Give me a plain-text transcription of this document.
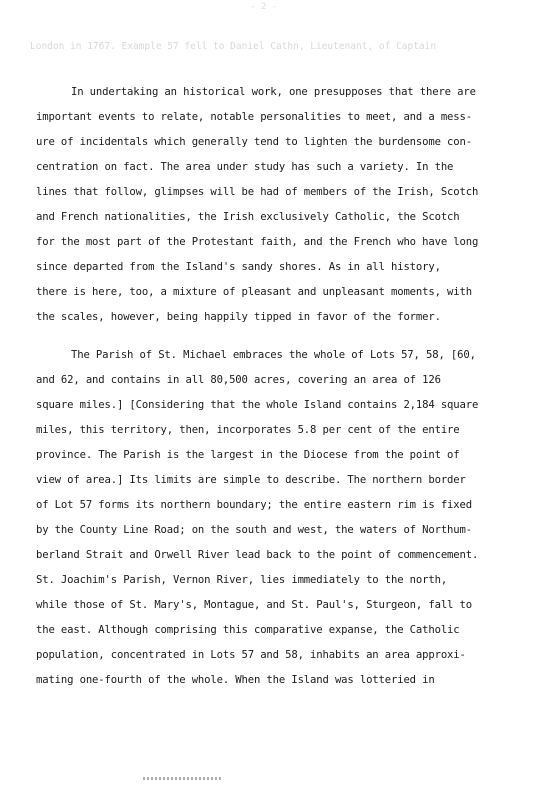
- 2 -
London in 1767. Example 57 fell to Daniel Cathn, Lieutenant, of Captain
In undertaking an historical work, one presupposes that there are
important events to relate, notable personalities to meet, and a mess-
ure of incidentals which generally tend to lighten the burdensome con-
centration on fact. The area under study has such a variety. In the
lines that follow, glimpses will be had of members of the Irish, Scotch
and French nationalities, the Irish exclusively Catholic, the Scotch
for the most part of the Protestant faith, and the French who have long
since departed from the Island's sandy shores. As in all history,
there is here, too, a mixture of pleasant and unpleasant moments, with
the scales, however, being happily tipped in favor of the former.
The Parish of St. Michael embraces the whole of Lots 57, 58, [60,
and 62, and contains in all 80,500 acres, covering an area of 126
square miles.] [Considering that the whole Island contains 2,184 square
miles, this territory, then, incorporates 5.8 per cent of the entire
province. The Parish is the largest in the Diocese from the point of
view of area.] Its limits are simple to describe. The northern border
of Lot 57 forms its northern boundary; the entire eastern rim is fixed
by the County Line Road; on the south and west, the waters of Northum-
berland Strait and Orwell River lead back to the point of commencement.
St. Joachim's Parish, Vernon River, lies immediately to the north,
while those of St. Mary's, Montague, and St. Paul's, Sturgeon, fall to
the east. Although comprising this comparative expanse, the Catholic
population, concentrated in Lots 57 and 58, inhabits an area approxi-
mating one-fourth of the whole. When the Island was lotteried in
